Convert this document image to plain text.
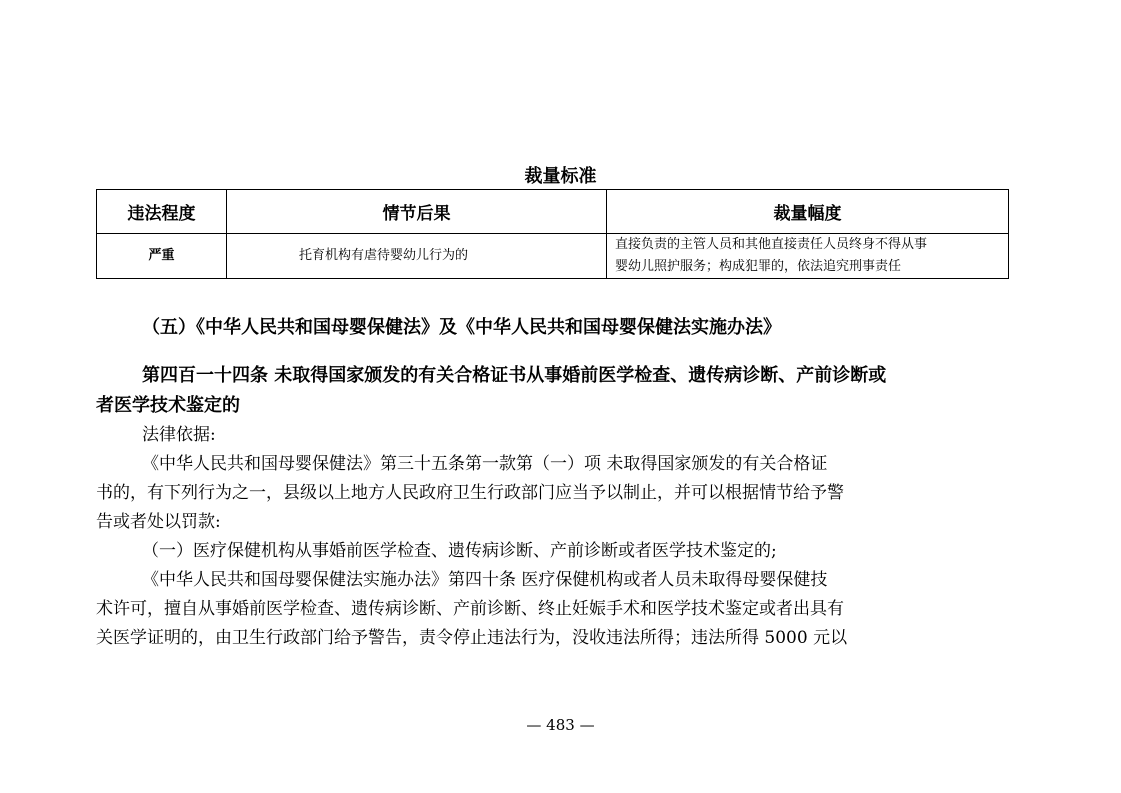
裁量标准
违法程度	情节后果	裁量幅度
严重	托育机构有虐待婴幼儿行为的	直接负责的主管人员和其他直接责任人员终身不得从事
婴幼儿照护服务；构成犯罪的，依法追究刑事责任
（五）《中华人民共和国母婴保健法》及《中华人民共和国母婴保健法实施办法》
第四百一十四条 未取得国家颁发的有关合格证书从事婚前医学检查、遗传病诊断、产前诊断或
者医学技术鉴定的
法律依据:
《中华人民共和国母婴保健法》第三十五条第一款第（一）项 未取得国家颁发的有关合格证
书的，有下列行为之一，县级以上地方人民政府卫生行政部门应当予以制止，并可以根据情节给予警
告或者处以罚款:
（一）医疗保健机构从事婚前医学检查、遗传病诊断、产前诊断或者医学技术鉴定的;
《中华人民共和国母婴保健法实施办法》第四十条 医疗保健机构或者人员未取得母婴保健技
术许可，擅自从事婚前医学检查、遗传病诊断、产前诊断、终止妊娠手术和医学技术鉴定或者出具有
关医学证明的，由卫生行政部门给予警告，责令停止违法行为，没收违法所得；违法所得 5000 元以
— 483 —
